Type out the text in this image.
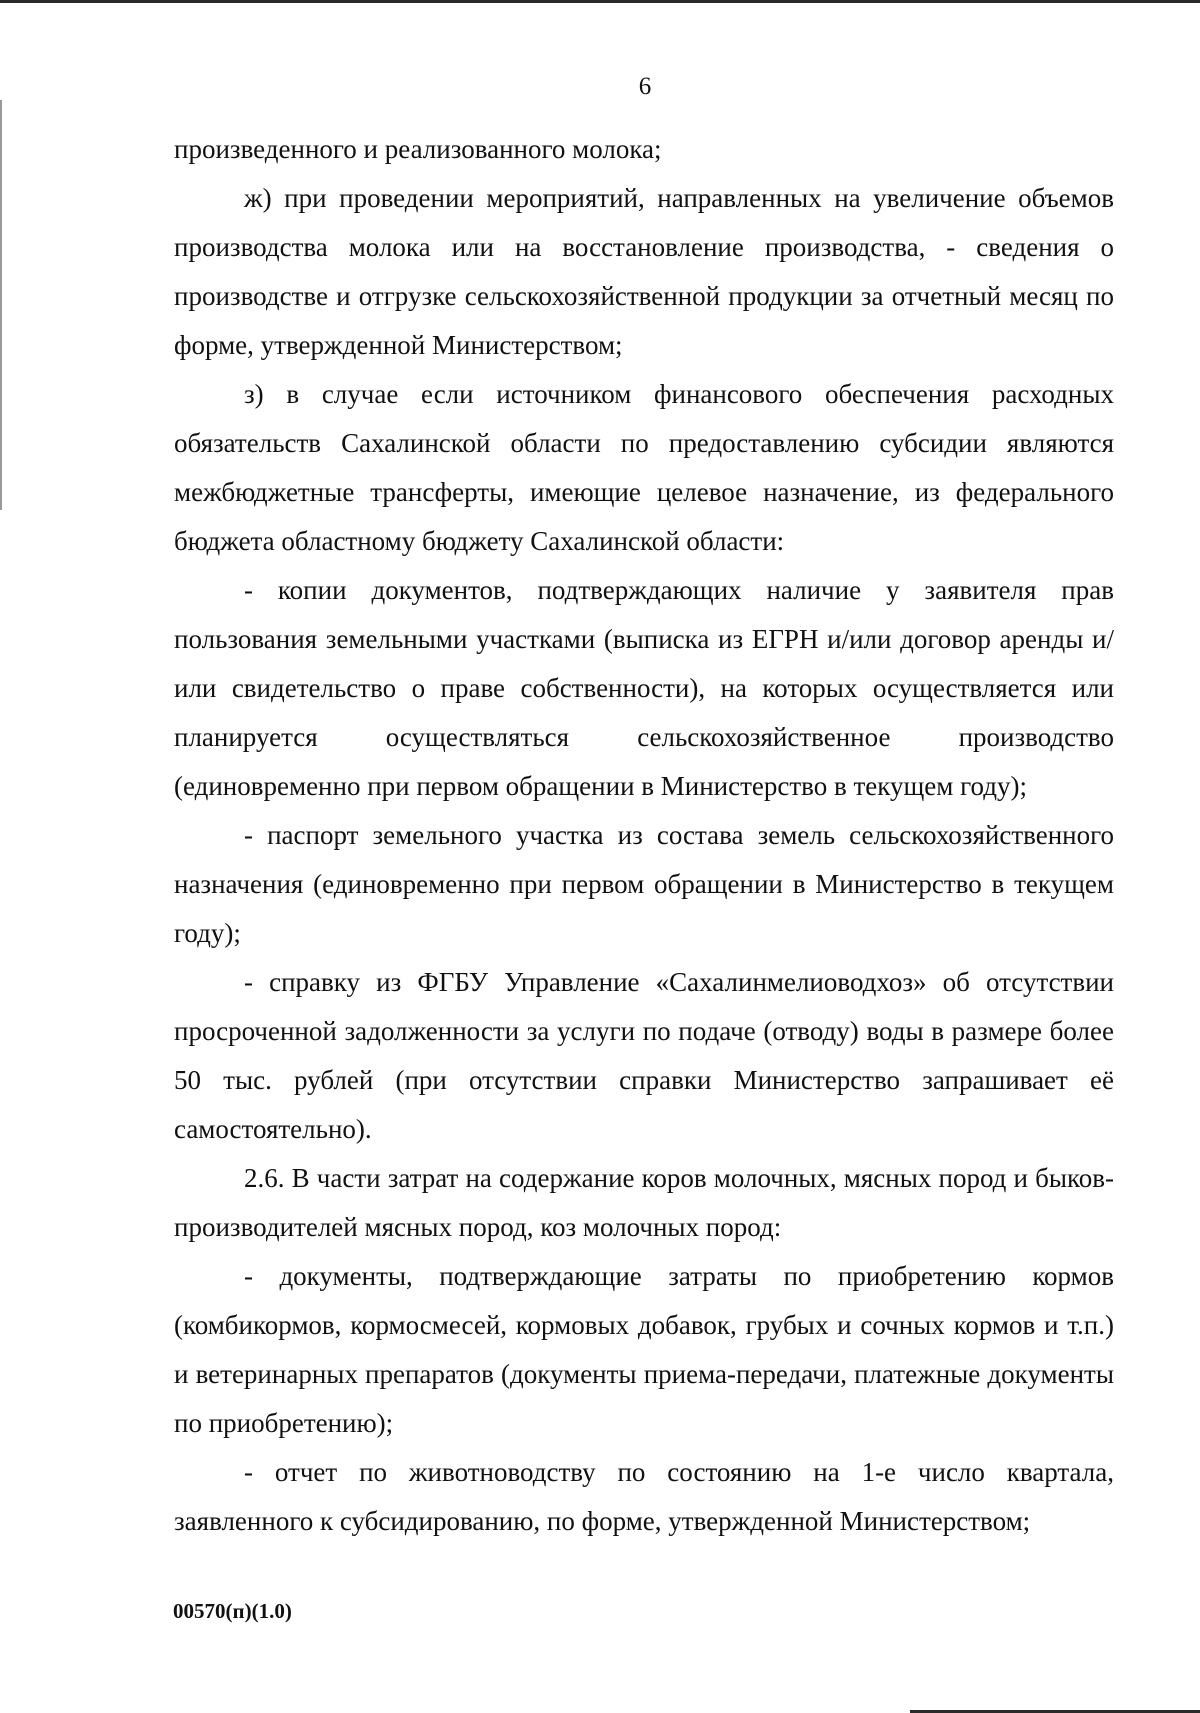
6

произведенного и реализованного молока;

ж) при проведении мероприятий, направленных на увеличение объемов производства молока или на восстановление производства, - сведения о производстве и отгрузке сельскохозяйственной продукции за отчетный месяц по форме, утвержденной Министерством;

з) в случае если источником финансового обеспечения расходных обязательств Сахалинской области по предоставлению субсидии являются межбюджетные трансферты, имеющие целевое назначение, из федерального бюджета областному бюджету Сахалинской области:

- копии документов, подтверждающих наличие у заявителя прав пользования земельными участками (выписка из ЕГРН и/или договор аренды и/или свидетельство о праве собственности), на которых осуществляется или планируется осуществляться сельскохозяйственное производство (единовременно при первом обращении в Министерство в текущем году);

- паспорт земельного участка из состава земель сельскохозяйственного назначения (единовременно при первом обращении в Министерство в текущем году);

- справку из ФГБУ Управление «Сахалинмелиоводхоз» об отсутствии просроченной задолженности за услуги по подаче (отводу) воды в размере более 50 тыс. рублей (при отсутствии справки Министерство запрашивает её самостоятельно).

2.6. В части затрат на содержание коров молочных, мясных пород и быков-производителей мясных пород, коз молочных пород:

- документы, подтверждающие затраты по приобретению кормов (комбикормов, кормосмесей, кормовых добавок, грубых и сочных кормов и т.п.) и ветеринарных препаратов (документы приема-передачи, платежные документы по приобретению);

- отчет по животноводству по состоянию на 1-е число квартала, заявленного к субсидированию, по форме, утвержденной Министерством;

00570(п)(1.0)
